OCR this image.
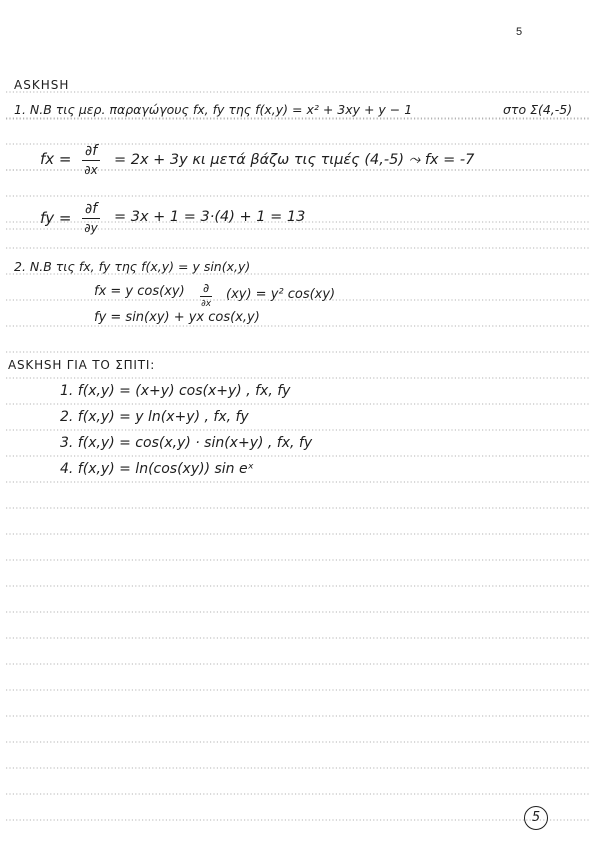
5
ASKHSH
1. Ν.Β τις μερ. παραγώγους fx, fy της f(x,y) = x² + 3xy + y − 1	στο Σ(4,-5)
fx = $\frac{\partial f}{\partial x} = 2x + 3y$ κι μετά βάζω τις τιμές (4,-5) ⤳ fx = -7
fy = $\frac{\partial f}{\partial y} = 3x + 1 = 3\cdot(4) + 1 = 13$
2. Ν.Β τις fx, fy της f(x,y) = y sin(x,y)
fx = y cos(xy) ∂
∂x
(xy) = y² cos(xy)
fy = sin(xy) + yx cos(x,y)
ASKHSH ΓΙΑ ΤΟ ΣΠΙΤΙ:
1. f(x,y) = (x+y) cos(x+y) , fx, fy
2. f(x,y) = y ln(x+y) , fx, fy
3. f(x,y) = cos(x,y) · sin(x+y) , fx, fy
4. f(x,y) = ln(cos(xy)) sin eˣ
5
